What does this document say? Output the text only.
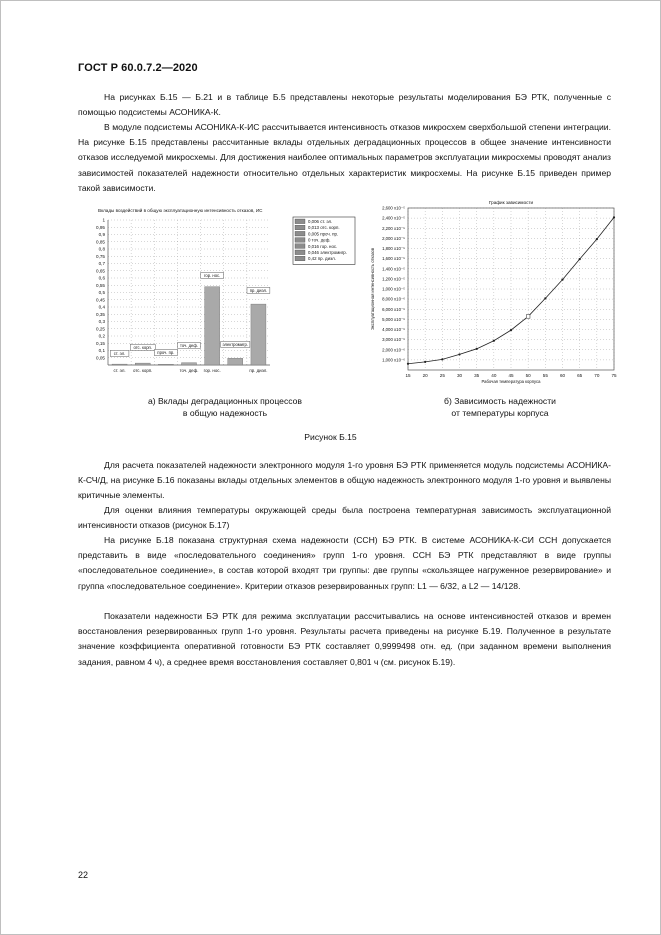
ГОСТ Р 60.0.7.2—2020

На рисунках Б.15 — Б.21 и в таблице Б.5 представлены некоторые результаты моделирования БЭ РТК, полученные с помощью подсистемы АСОНИКА-К.

В модуле подсистемы АСОНИКА-К-ИС рассчитывается интенсивность отказов микросхем сверхбольшой степени интеграции. На рисунке Б.15 представлены рассчитанные вклады отдельных деградационных процессов в общее значение интенсивности отказов исследуемой микросхемы. Для достижения наиболее оптимальных параметров эксплуатации микросхемы проводят анализ зависимостей показателей надежности относительно отдельных характеристик микросхемы. На рисунке Б.15 приведен пример такой зависимости.

Вклады воздействий в общую эксплуатационную интенсивность отказов, ИС
0,05
0,1
0,15
0,2
0,25
0,3
0,35
0,4
0,45
0,5
0,55
0,6
0,65
0,7
0,75
0,8
0,85
0,9
0,95
1
ст. эл.
отс. корп.
проч. пр.
точ. деф.
гор. нос.
электромигр.
пр. диэл.
ст. эл. отс. корп.	точ. деф. гор. нос.	пр. диэл.
0,006 ст. эл.
0,013 отс. корп.
0,005 проч. пр.
0 точ. деф.
0,016 гор. нос.
0,046 электромигр.
0,42 пр. диэл.
График зависимости
1,000 х10⁻⁶
2,000 х10⁻⁶
3,000 х10⁻⁶
4,000 х10⁻⁶
5,000 х10⁻⁶
6,000 х10⁻⁶
8,000 х10⁻⁶
1,000 х10⁻⁵
1,200 х10⁻⁵
1,400 х10⁻⁵
1,600 х10⁻⁵
1,800 х10⁻⁵
2,000 х10⁻⁵
2,200 х10⁻⁵
2,400 х10⁻⁵
2,600 х10⁻⁵
15	20	25	30	35	40	45	50	55	60	65	70	75
Рабочая температура корпуса
Эксплуатационная интенсивность отказов
а) Вклады деградационных процессов
в общую надежность
б) Зависимость надежности
от температуры корпуса
Рисунок Б.15

Для расчета показателей надежности электронного модуля 1-го уровня БЭ РТК применяется модуль подсистемы АСОНИКА-К-СЧ/Д, на рисунке Б.16 показаны вклады отдельных элементов в общую надежность электронного модуля 1-го уровня и выявлены критичные элементы.

Для оценки влияния температуры окружающей среды была построена температурная зависимость эксплуатационной интенсивности отказов (рисунок Б.17)

На рисунке Б.18 показана структурная схема надежности (ССН) БЭ РТК. В системе АСОНИКА-К-СИ ССН допускается представить в виде «последовательного соединения» групп 1-го уровня. ССН БЭ РТК представляют в виде группы «последовательное соединение», в состав которой входят три группы: две группы «скользящее нагруженное резервирование» и группа «последовательное соединение». Критерии отказов резервированных групп: L1 — 6/32, а L2 — 14/128.

Показатели надежности БЭ РТК для режима эксплуатации рассчитывались на основе интенсивностей отказов и времен восстановления резервированных групп 1-го уровня. Результаты расчета приведены на рисунке Б.19. Полученное в результате значение коэффициента оперативной готовности БЭ РТК составляет 0,9999498 отн. ед. (при заданном времени выполнения задания, равном 4 ч), а среднее время восстановления составляет 0,801 ч (см. рисунок Б.19).

22
